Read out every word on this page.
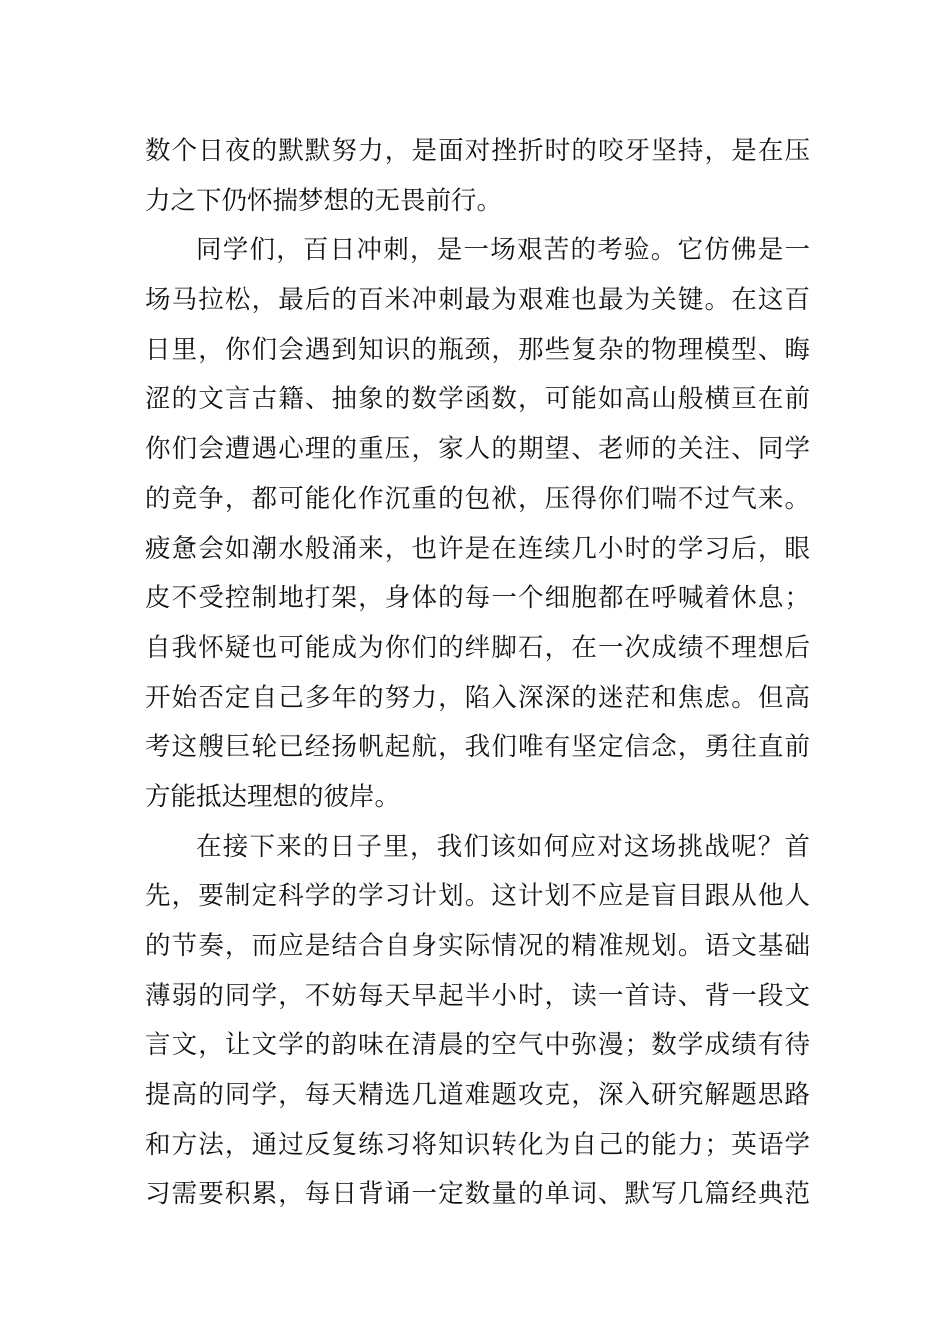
数个日夜的默默努力，是面对挫折时的咬牙坚持，是在压
力之下仍怀揣梦想的无畏前行。
同学们，百日冲刺，是一场艰苦的考验。它仿佛是一
场马拉松，最后的百米冲刺最为艰难也最为关键。在这百
日里，你们会遇到知识的瓶颈，那些复杂的物理模型、晦
涩的文言古籍、抽象的数学函数，可能如高山般横亘在前
你们会遭遇心理的重压，家人的期望、老师的关注、同学
的竞争，都可能化作沉重的包袱，压得你们喘不过气来。
疲惫会如潮水般涌来，也许是在连续几小时的学习后，眼
皮不受控制地打架，身体的每一个细胞都在呼喊着休息；
自我怀疑也可能成为你们的绊脚石，在一次成绩不理想后
开始否定自己多年的努力，陷入深深的迷茫和焦虑。但高
考这艘巨轮已经扬帆起航，我们唯有坚定信念，勇往直前
方能抵达理想的彼岸。
在接下来的日子里，我们该如何应对这场挑战呢？首
先，要制定科学的学习计划。这计划不应是盲目跟从他人
的节奏，而应是结合自身实际情况的精准规划。语文基础
薄弱的同学，不妨每天早起半小时，读一首诗、背一段文
言文，让文学的韵味在清晨的空气中弥漫；数学成绩有待
提高的同学，每天精选几道难题攻克，深入研究解题思路
和方法，通过反复练习将知识转化为自己的能力；英语学
习需要积累，每日背诵一定数量的单词、默写几篇经典范
